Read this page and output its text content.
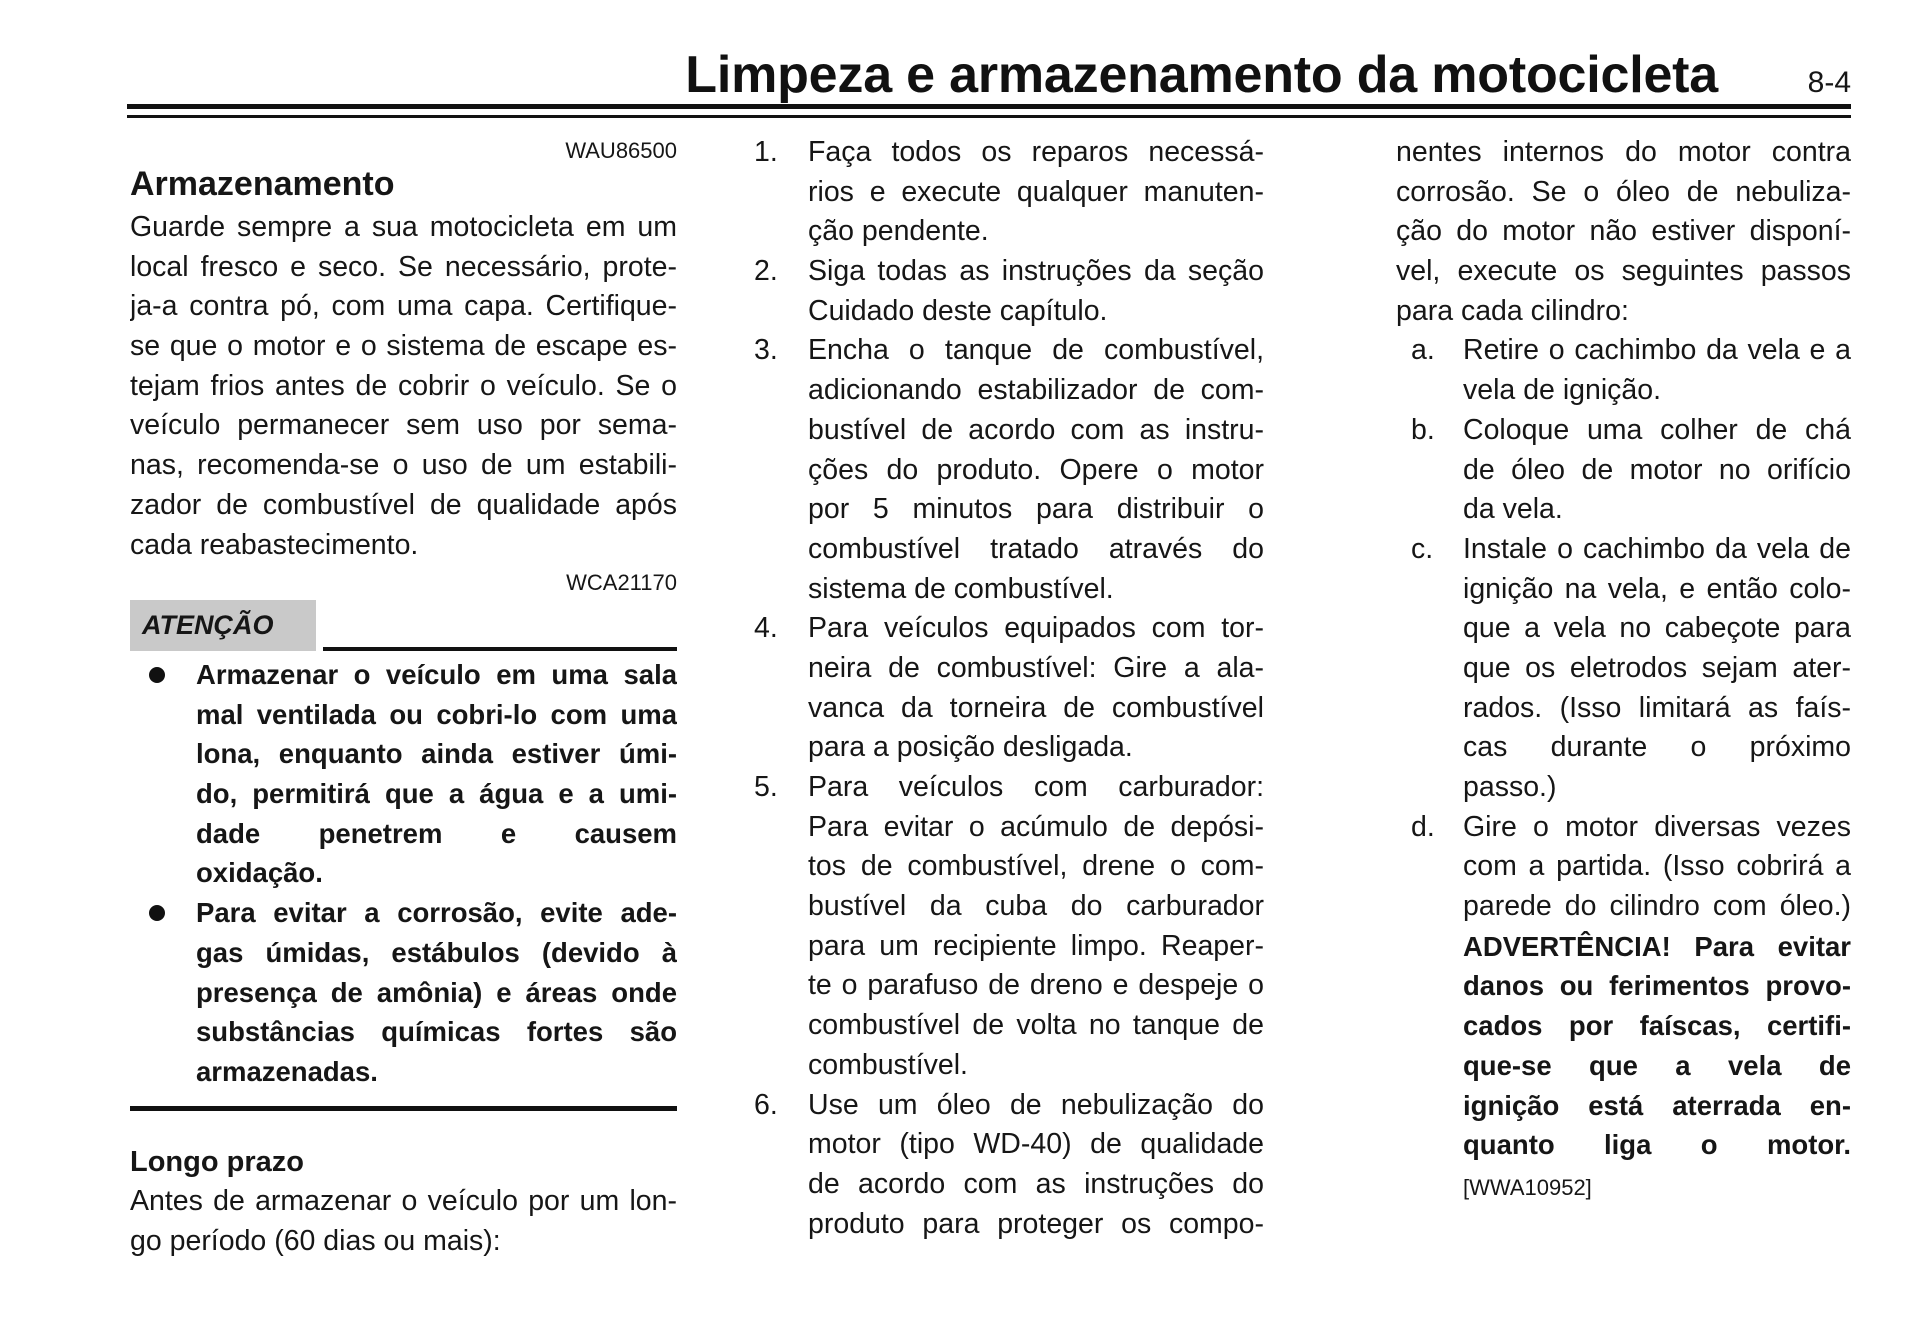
Limpeza e armazenamento da motocicleta	8-4
WAU86500
Armazenamento
Guarde sempre a sua motocicleta em um
local fresco e seco. Se necessário, prote-
ja-a contra pó, com uma capa. Certifique-
se que o motor e o sistema de escape es-
tejam frios antes de cobrir o veículo. Se o
veículo permanecer sem uso por sema-
nas, recomenda-se o uso de um estabili-
zador de combustível de qualidade após
cada reabastecimento.
WCA21170
ATENÇÃO
Armazenar o veículo em uma sala
mal ventilada ou cobri-lo com uma
lona, enquanto ainda estiver úmi-
do, permitirá que a água e a umi-
dade penetrem e causem
oxidação.
Para evitar a corrosão, evite ade-
gas úmidas, estábulos (devido à
presença de amônia) e áreas onde
substâncias químicas fortes são
armazenadas.
Longo prazo
Antes de armazenar o veículo por um lon-
go período (60 dias ou mais):
1. Faça todos os reparos necessá-
rios e execute qualquer manuten-
ção pendente.
2. Siga todas as instruções da seção
Cuidado deste capítulo.
3. Encha o tanque de combustível,
adicionando estabilizador de com-
bustível de acordo com as instru-
ções do produto. Opere o motor
por 5 minutos para distribuir o
combustível tratado através do
sistema de combustível.
4. Para veículos equipados com tor-
neira de combustível: Gire a ala-
vanca da torneira de combustível
para a posição desligada.
5. Para veículos com carburador:
Para evitar o acúmulo de depósi-
tos de combustível, drene o com-
bustível da cuba do carburador
para um recipiente limpo. Reaper-
te o parafuso de dreno e despeje o
combustível de volta no tanque de
combustível.
6. Use um óleo de nebulização do
motor (tipo WD-40) de qualidade
de acordo com as instruções do
produto para proteger os compo-
nentes internos do motor contra
corrosão. Se o óleo de nebuliza-
ção do motor não estiver disponí-
vel, execute os seguintes passos
para cada cilindro:
a. Retire o cachimbo da vela e a
vela de ignição.
b. Coloque uma colher de chá
de óleo de motor no orifício
da vela.
c. Instale o cachimbo da vela de
ignição na vela, e então colo-
que a vela no cabeçote para
que os eletrodos sejam ater-
rados. (Isso limitará as faís-
cas durante o próximo
passo.)
d. Gire o motor diversas vezes
com a partida. (Isso cobrirá a
parede do cilindro com óleo.)
ADVERTÊNCIA! Para evitar
danos ou ferimentos provo-
cados por faíscas, certifi-
que-se que a vela de
ignição está aterrada en-
quanto liga o motor.
[WWA10952]
